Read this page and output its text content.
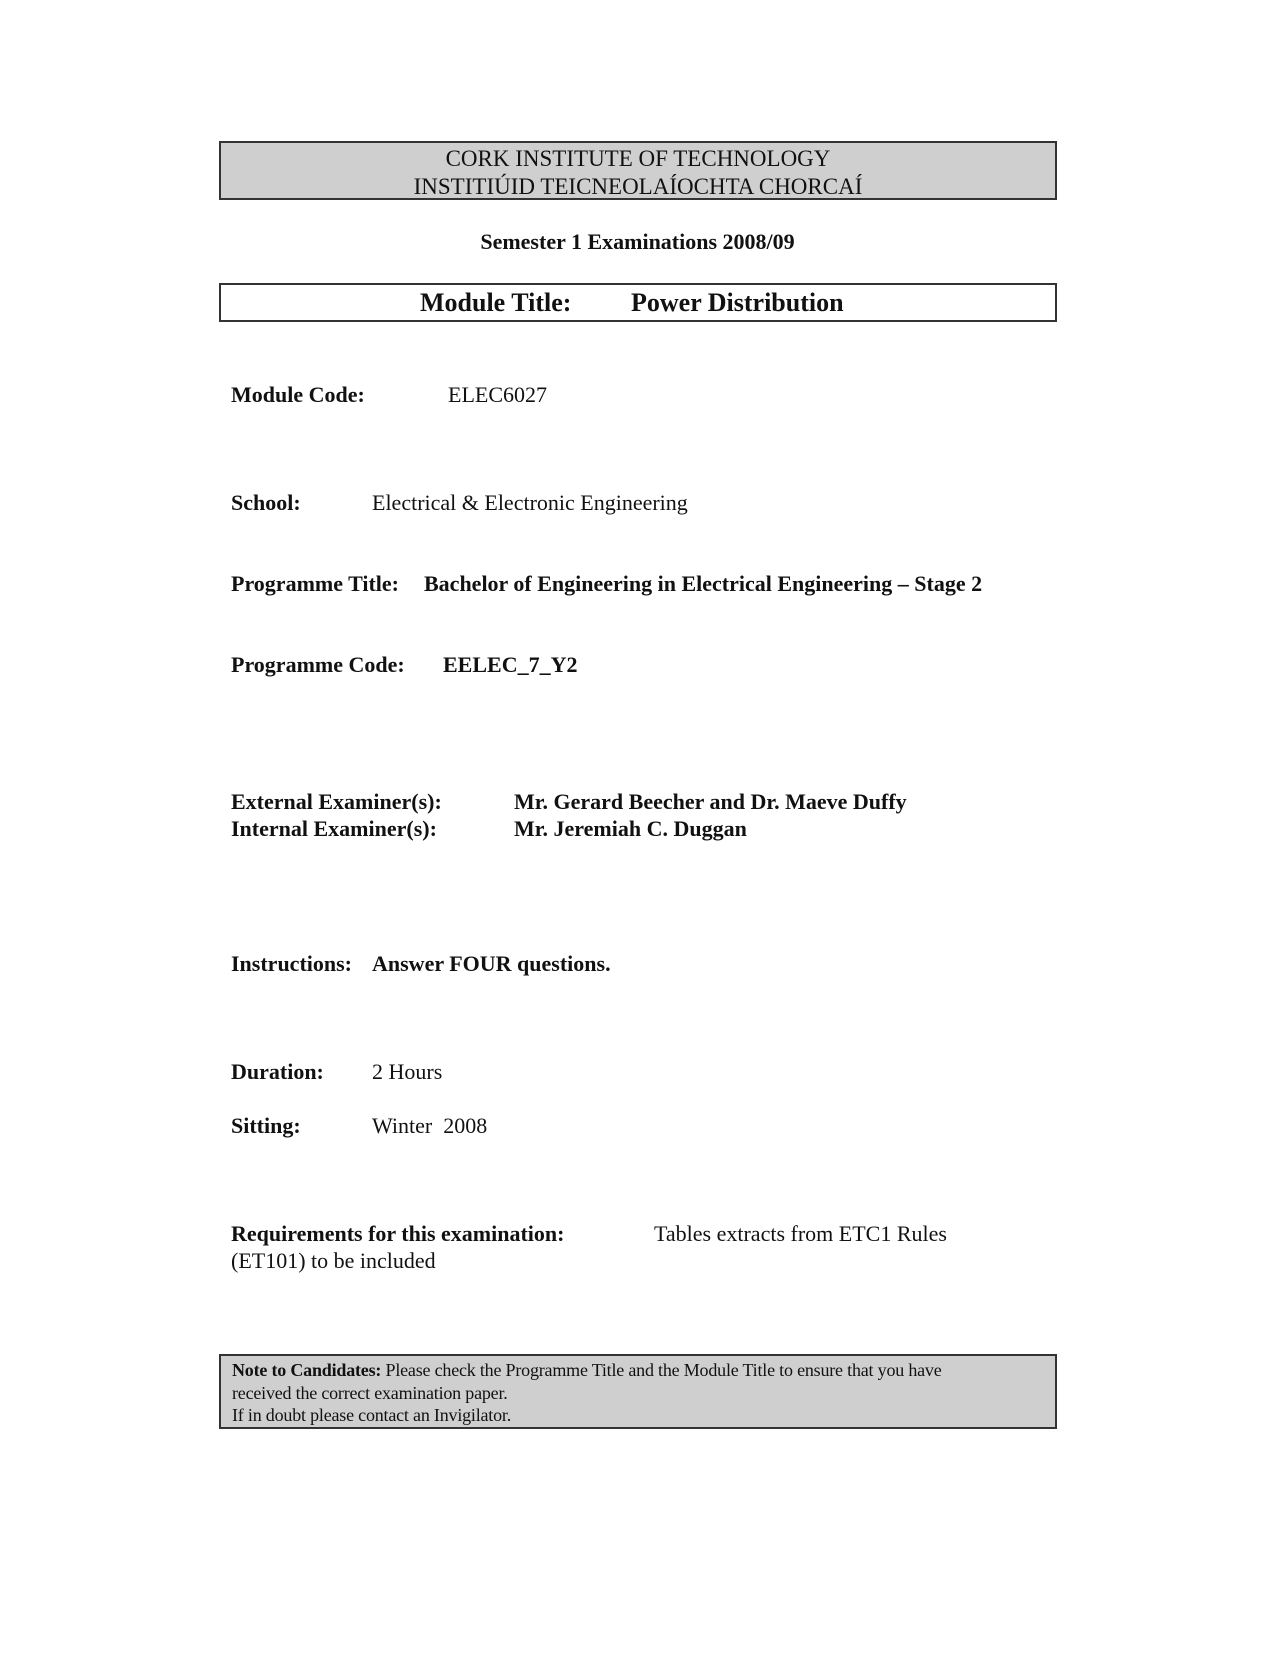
CORK INSTITUTE OF TECHNOLOGY
INSTITIÚID TEICNEOLAÍOCHTA CHORCAÍ
Semester 1 Examinations 2008/09
Module Title: Power Distribution
Module Code:	ELEC6027
School:	Electrical & Electronic Engineering
Programme Title: Bachelor of Engineering in Electrical Engineering – Stage 2
Programme Code: EELEC_7_Y2
External Examiner(s):	Mr. Gerard Beecher and Dr. Maeve Duffy
Internal Examiner(s):	Mr. Jeremiah C. Duggan
Instructions: Answer FOUR questions.
Duration: 2 Hours
Sitting:	Winter  2008
Requirements for this examination:	Tables extracts from ETC1 Rules
(ET101) to be included
Note to Candidates: Please check the Programme Title and the Module Title to ensure that you have
received the correct examination paper.
If in doubt please contact an Invigilator.
